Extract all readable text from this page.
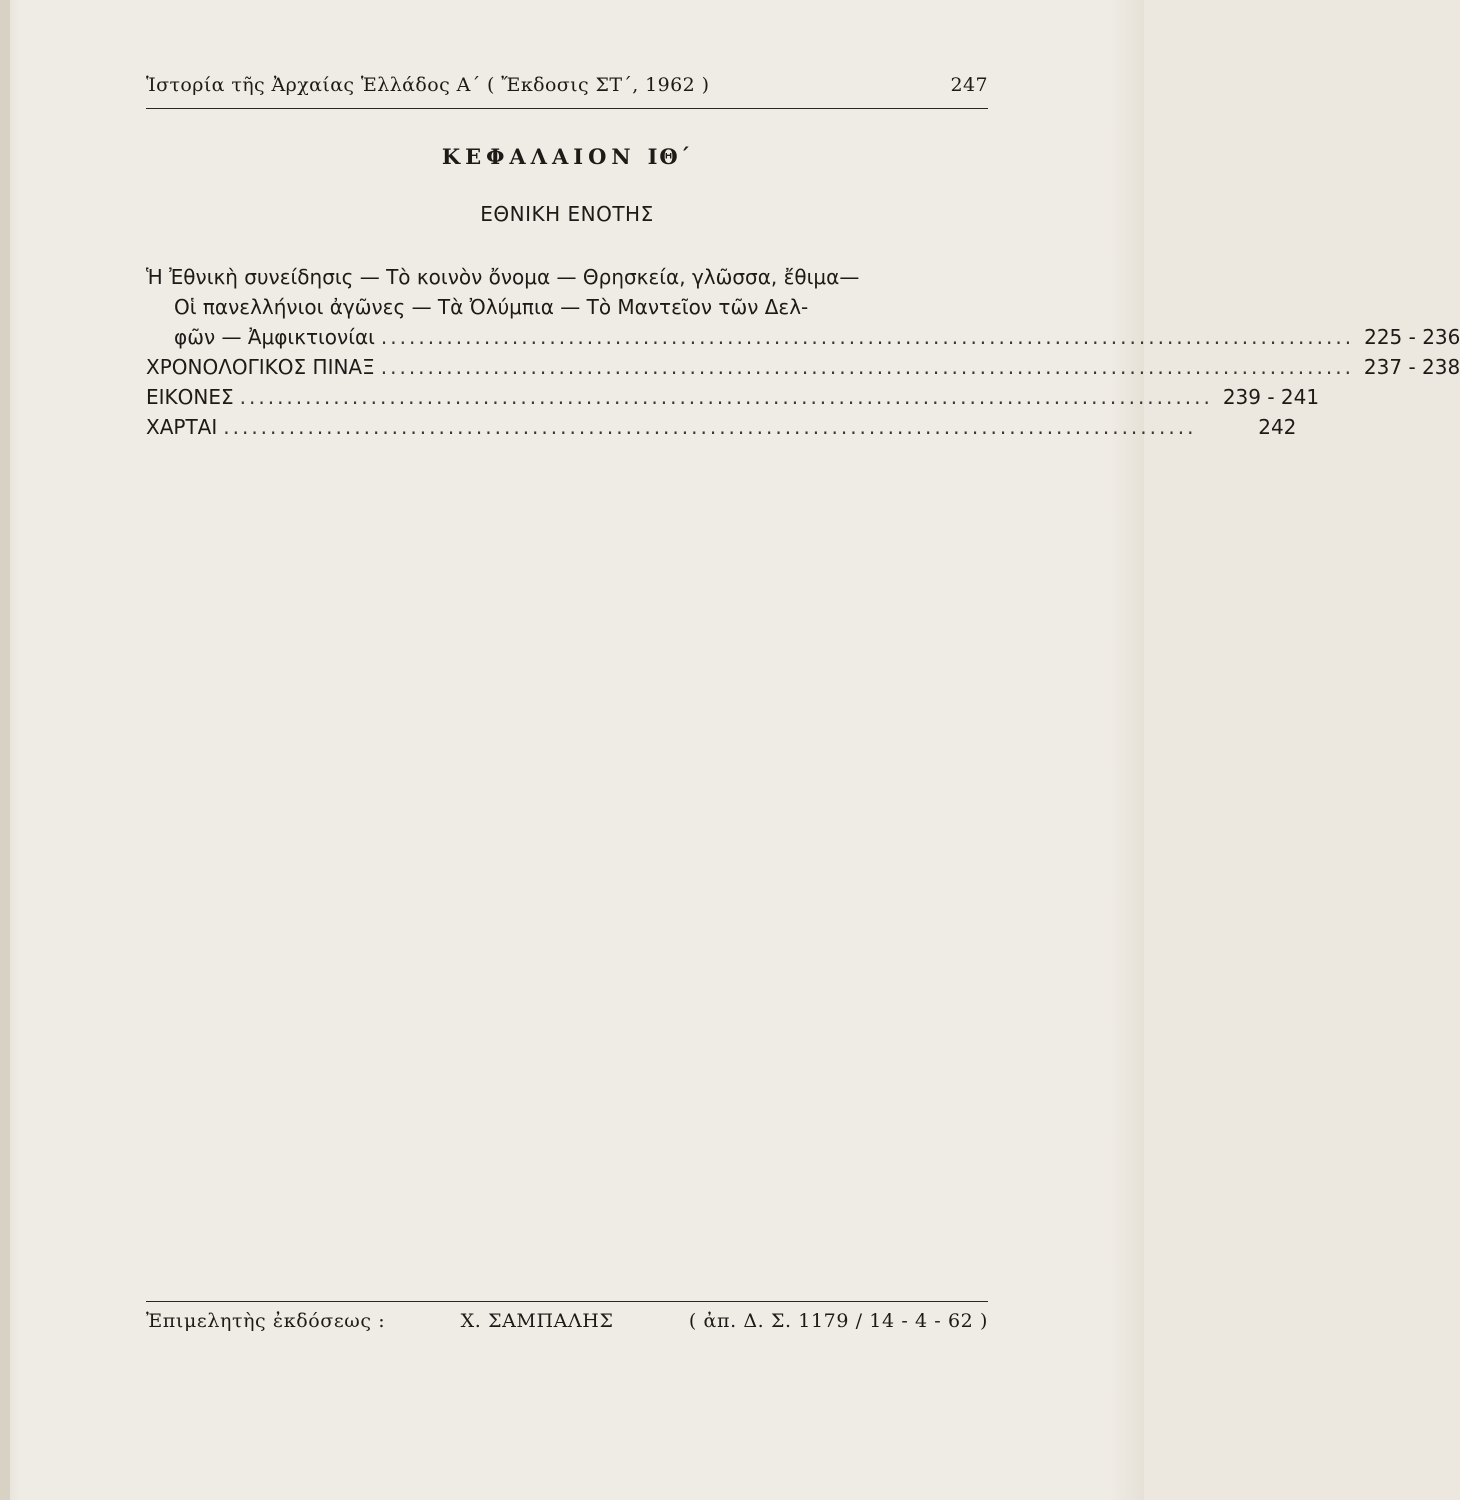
Ἱστορία τῆς Ἀρχαίας Ἑλλάδος Α΄ ( Ἔκδοσις ΣΤ΄, 1962 )	247
ΚΕΦΑΛΑΙΟΝ ΙΘ΄
ΕΘΝΙΚΗ ΕΝΟΤΗΣ
Ἡ Ἐθνικὴ συνείδησις — Τὸ κοινὸν ὄνομα — Θρησκεία, γλῶσσα, ἔθιμα—
Οἱ πανελλήνιοι ἀγῶνες — Τὰ Ὀλύμπια — Τὸ Μαντεῖον τῶν Δελ-
φῶν — Ἀμφικτιονίαι ........................................................................................................ 225 - 236
ΧΡΟΝΟΛΟΓΙΚΟΣ ΠΙΝΑΞ ........................................................................................................ 237 - 238
ΕΙΚΟΝΕΣ ........................................................................................................ 239 - 241
ΧΑΡΤΑΙ ........................................................................................................	242
Ἐπιμελητὴς ἐκδόσεως :	Χ. ΣΑΜΠΑΛΗΣ	( ἀπ. Δ. Σ. 1179 / 14 - 4 - 62 )
